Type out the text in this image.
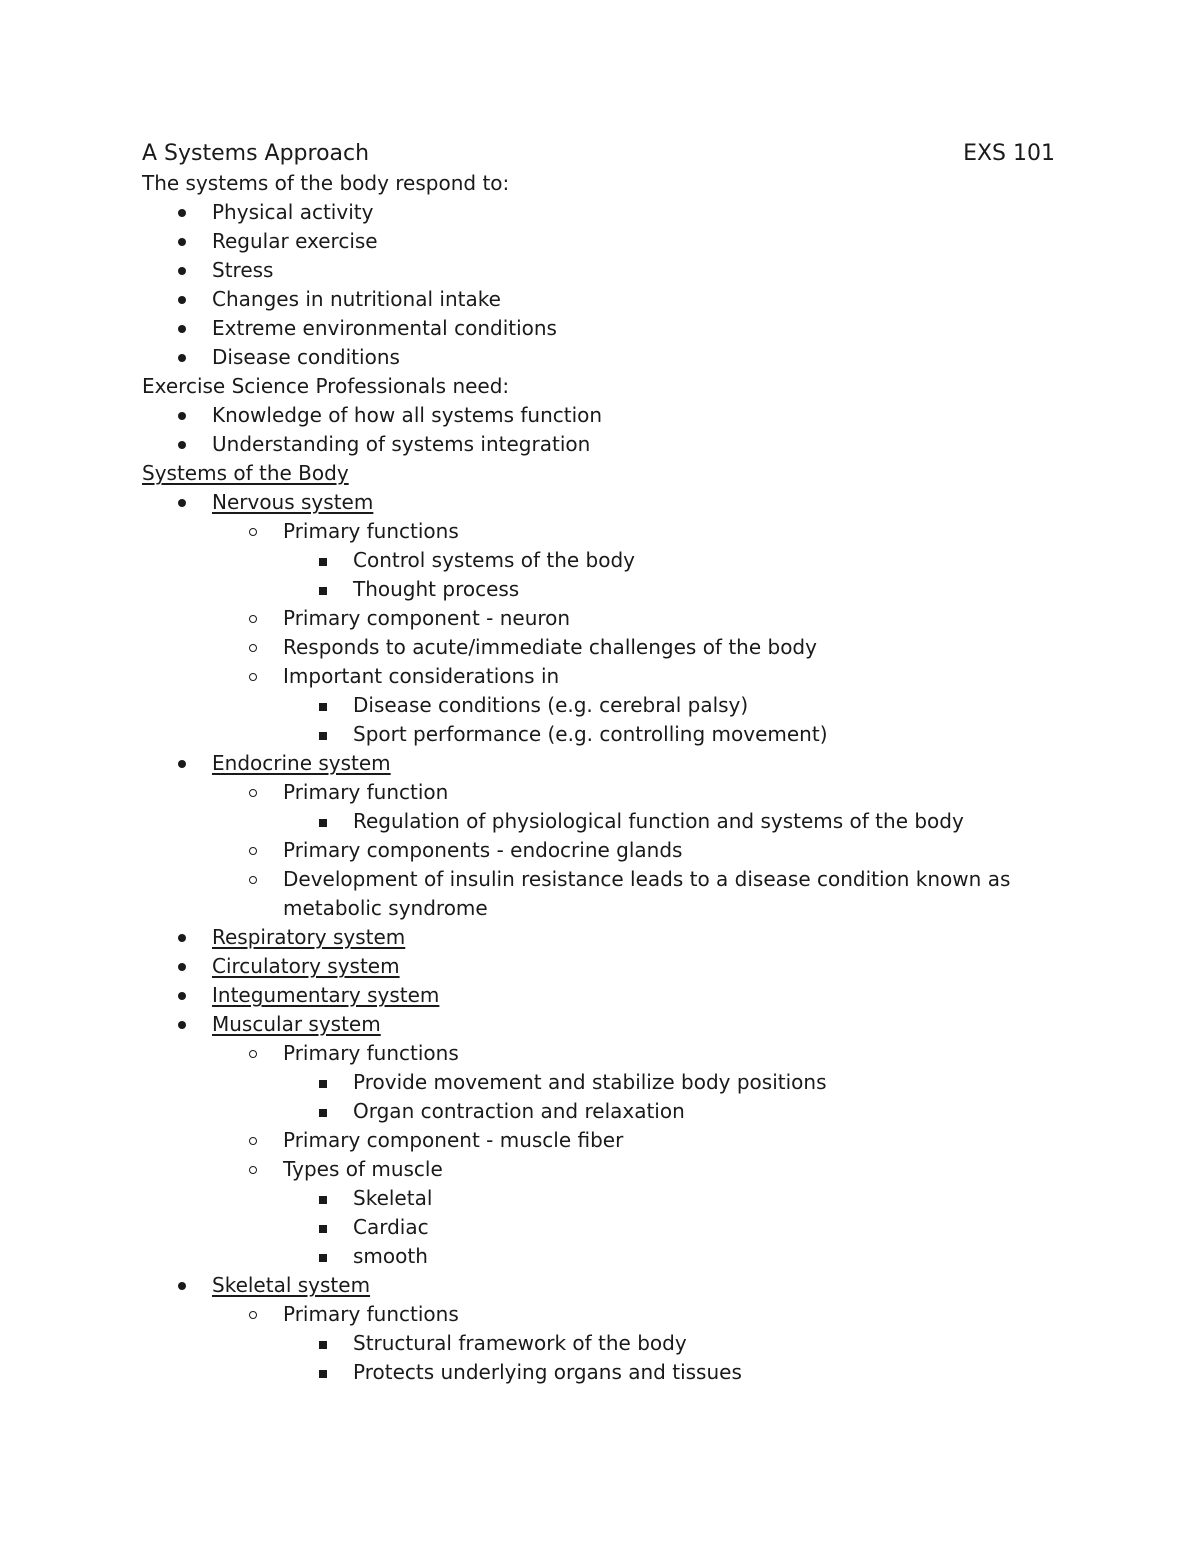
A Systems Approach	EXS 101
The systems of the body respond to:
Physical activity
Regular exercise
Stress
Changes in nutritional intake
Extreme environmental conditions
Disease conditions
Exercise Science Professionals need:
Knowledge of how all systems function
Understanding of systems integration
Systems of the Body
Nervous system
Primary functions
Control systems of the body
Thought process
Primary component - neuron
Responds to acute/immediate challenges of the body
Important considerations in
Disease conditions (e.g. cerebral palsy)
Sport performance (e.g. controlling movement)
Endocrine system
Primary function
Regulation of physiological function and systems of the body
Primary components - endocrine glands
Development of insulin resistance leads to a disease condition known as metabolic syndrome
Respiratory system
Circulatory system
Integumentary system
Muscular system
Primary functions
Provide movement and stabilize body positions
Organ contraction and relaxation
Primary component - muscle fiber
Types of muscle
Skeletal
Cardiac
smooth
Skeletal system
Primary functions
Structural framework of the body
Protects underlying organs and tissues
